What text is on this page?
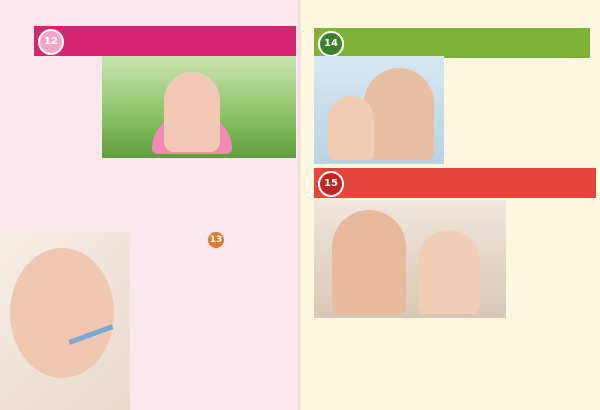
12
13
14
15
